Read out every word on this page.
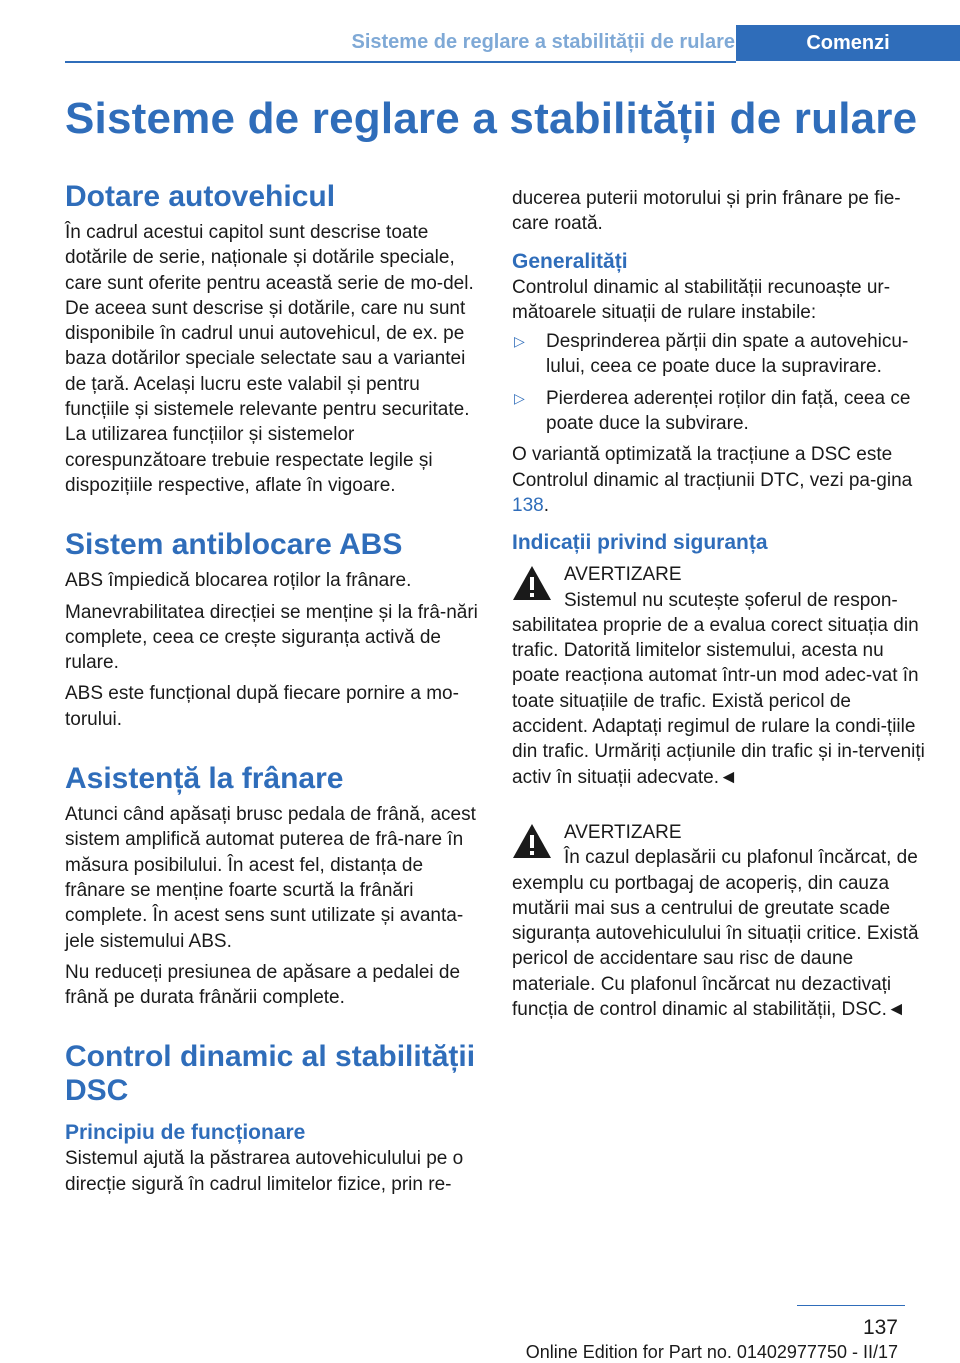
Sisteme de reglare a stabilității de rulare	Comenzi
Sisteme de reglare a stabilității de rulare
Dotare autovehicul

În cadrul acestui capitol sunt descrise toate dotările de serie, naționale și dotările speciale, care sunt oferite pentru această serie de mo-del. De aceea sunt descrise și dotările, care nu sunt disponibile în cadrul unui autovehicul, de ex. pe baza dotărilor speciale selectate sau a variantei de țară. Același lucru este valabil și pentru funcțiile și sistemele relevante pentru securitate. La utilizarea funcțiilor și sistemelor corespunzătoare trebuie respectate legile și dispozițiile respective, aflate în vigoare.

Sistem antiblocare ABS

ABS împiedică blocarea roților la frânare.

Manevrabilitatea direcției se menține și la frâ-nări complete, ceea ce crește siguranța activă de rulare.

ABS este funcțional după fiecare pornire a mo-torului.

Asistență la frânare

Atunci când apăsați brusc pedala de frână, acest sistem amplifică automat puterea de frâ-nare în măsura posibilului. În acest fel, distanța de frânare se menține foarte scurtă la frânări complete. În acest sens sunt utilizate și avanta-jele sistemului ABS.

Nu reduceți presiunea de apăsare a pedalei de frână pe durata frânării complete.

Control dinamic al stabilității DSC
Principiu de funcționare

Sistemul ajută la păstrarea autovehiculului pe o direcție sigură în cadrul limitelor fizice, prin re-

ducerea puterii motorului și prin frânare pe fie-care roată.

Generalități

Controlul dinamic al stabilității recunoaște ur-mătoarele situații de rulare instabile:

▷ Desprinderea părții din spate a autovehicu-lului, ceea ce poate duce la supravirare.
▷ Pierderea aderenței roților din față, ceea ce poate duce la subvirare.

O variantă optimizată la tracțiune a DSC este Controlul dinamic al tracțiunii DTC, vezi pa-gina 138.

Indicații privind siguranța
AVERTIZARE

Sistemul nu scutește șoferul de respon-

sabilitatea proprie de a evalua corect situația din trafic. Datorită limitelor sistemului, acesta nu poate reacționa automat într-un mod adec-vat în toate situațiile de trafic. Există pericol de accident. Adaptați regimul de rulare la condi-țiile din trafic. Urmăriți acțiunile din trafic și in-terveniți activ în situații adecvate.◄

AVERTIZARE

În cazul deplasării cu plafonul încărcat, de

exemplu cu portbagaj de acoperiș, din cauza mutării mai sus a centrului de greutate scade siguranța autovehiculului în situații critice. Există pericol de accidentare sau risc de daune materiale. Cu plafonul încărcat nu dezactivați funcția de control dinamic al stabilității, DSC.◄

137
Online Edition for Part no. 01402977750 - II/17
